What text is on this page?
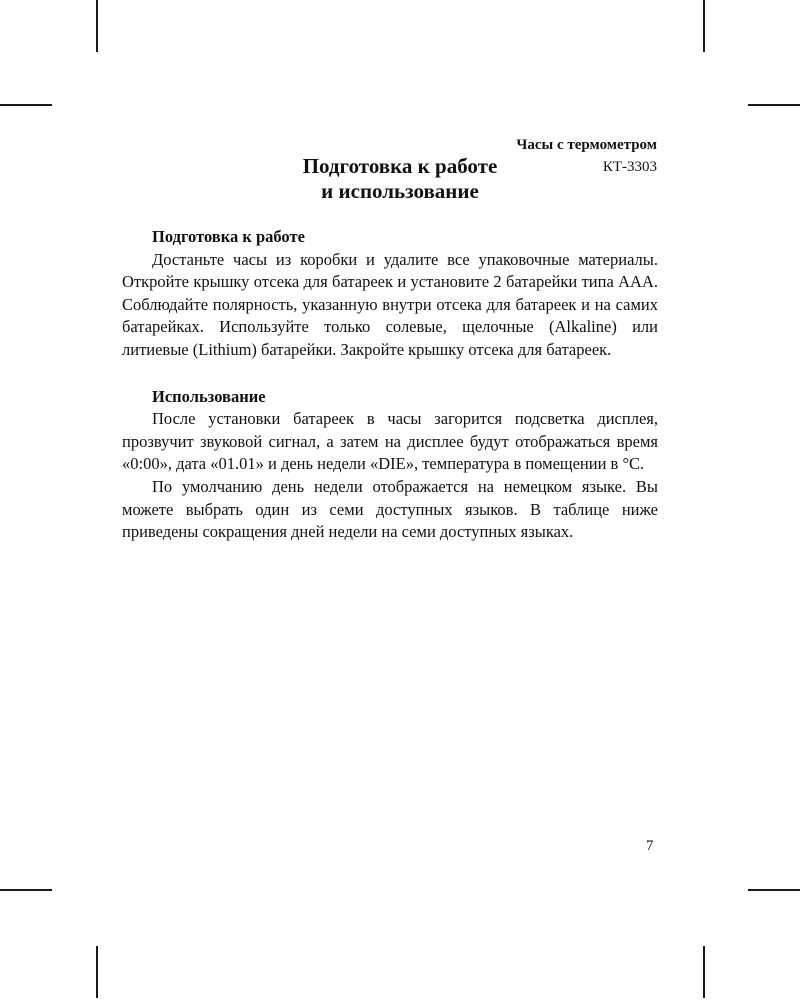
Часы с термометром
КТ-3303
Подготовка к работе
и использование

Подготовка к работе

Достаньте часы из коробки и удалите все упаковочные материалы. Откройте крышку отсека для батареек и установите 2 батарейки типа AAA. Соблюдайте полярность, указанную внутри отсека для батареек и на самих батарейках. Используйте только солевые, щелочные (Alkaline) или литиевые (Lithium) батарейки. Закройте крышку отсека для батареек.

Использование

После установки батареек в часы загорится подсветка дисплея, прозвучит звуковой сигнал, а затем на дисплее будут отображаться время «0:00», дата «01.01» и день недели «DIE», температура в помещении в °С.

По умолчанию день недели отображается на немецком языке. Вы можете выбрать один из семи доступных языков. В таблице ниже приведены сокращения дней недели на семи доступных языках.

7
